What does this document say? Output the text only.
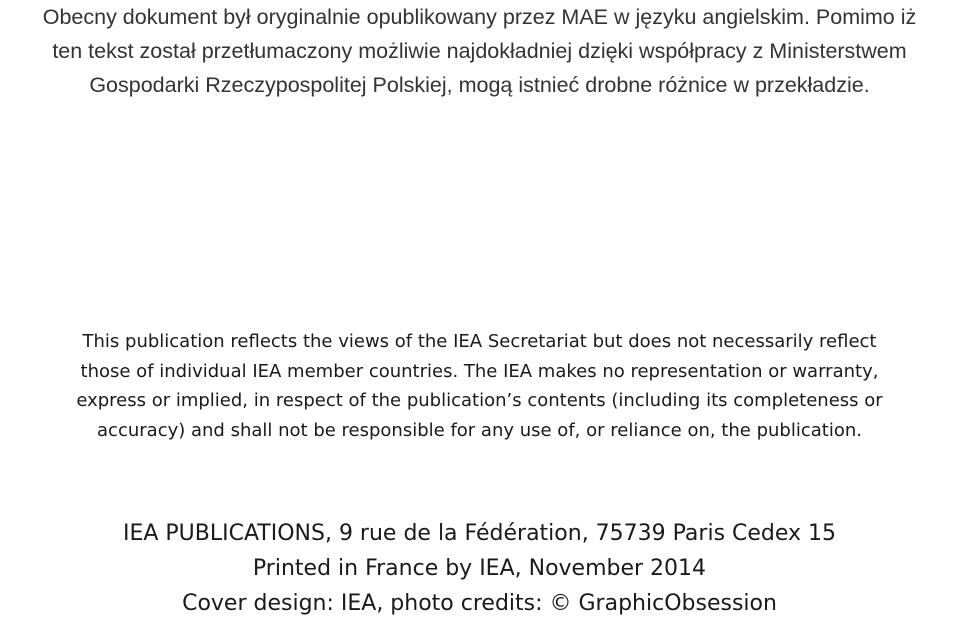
Obecny dokument był oryginalnie opublikowany przez MAE w języku angielskim. Pomimo iż
ten tekst został przetłumaczony możliwie najdokładniej dzięki współpracy z Ministerstwem
Gospodarki Rzeczypospolitej Polskiej, mogą istnieć drobne różnice w przekładzie.
This publication reflects the views of the IEA Secretariat but does not necessarily reflect
those of individual IEA member countries. The IEA makes no representation or warranty,
express or implied, in respect of the publication’s contents (including its completeness or
accuracy) and shall not be responsible for any use of, or reliance on, the publication.
IEA PUBLICATIONS, 9 rue de la Fédération, 75739 Paris Cedex 15
Printed in France by IEA, November 2014
Cover design: IEA, photo credits: © GraphicObsession
